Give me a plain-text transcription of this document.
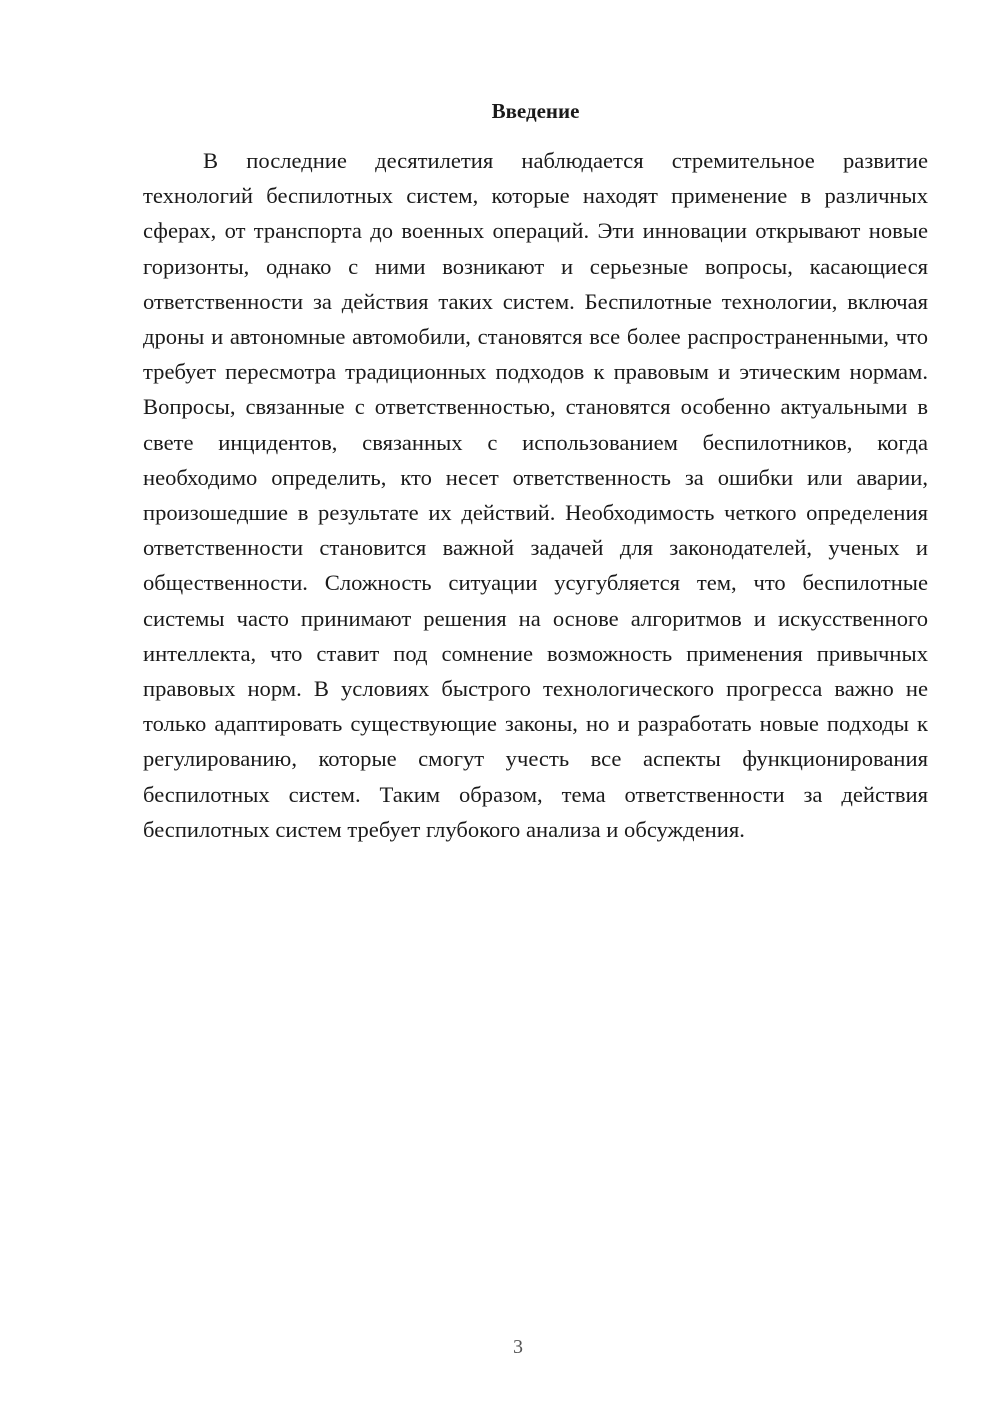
Введение

В последние десятилетия наблюдается стремительное развитие технологий беспилотных систем, которые находят применение в различных сферах, от транспорта до военных операций. Эти инновации открывают новые горизонты, однако с ними возникают и серьезные вопросы, касающиеся ответственности за действия таких систем. Беспилотные технологии, включая дроны и автономные автомобили, становятся все более распространенными, что требует пересмотра традиционных подходов к правовым и этическим нормам. Вопросы, связанные с ответственностью, становятся особенно актуальными в свете инцидентов, связанных с использованием беспилотников, когда необходимо определить, кто несет ответственность за ошибки или аварии, произошедшие в результате их действий. Необходимость четкого определения ответственности становится важной задачей для законодателей, ученых и общественности. Сложность ситуации усугубляется тем, что беспилотные системы часто принимают решения на основе алгоритмов и искусственного интеллекта, что ставит под сомнение возможность применения привычных правовых норм. В условиях быстрого технологического прогресса важно не только адаптировать существующие законы, но и разработать новые подходы к регулированию, которые смогут учесть все аспекты функционирования беспилотных систем. Таким образом, тема ответственности за действия беспилотных систем требует глубокого анализа и обсуждения.

3
